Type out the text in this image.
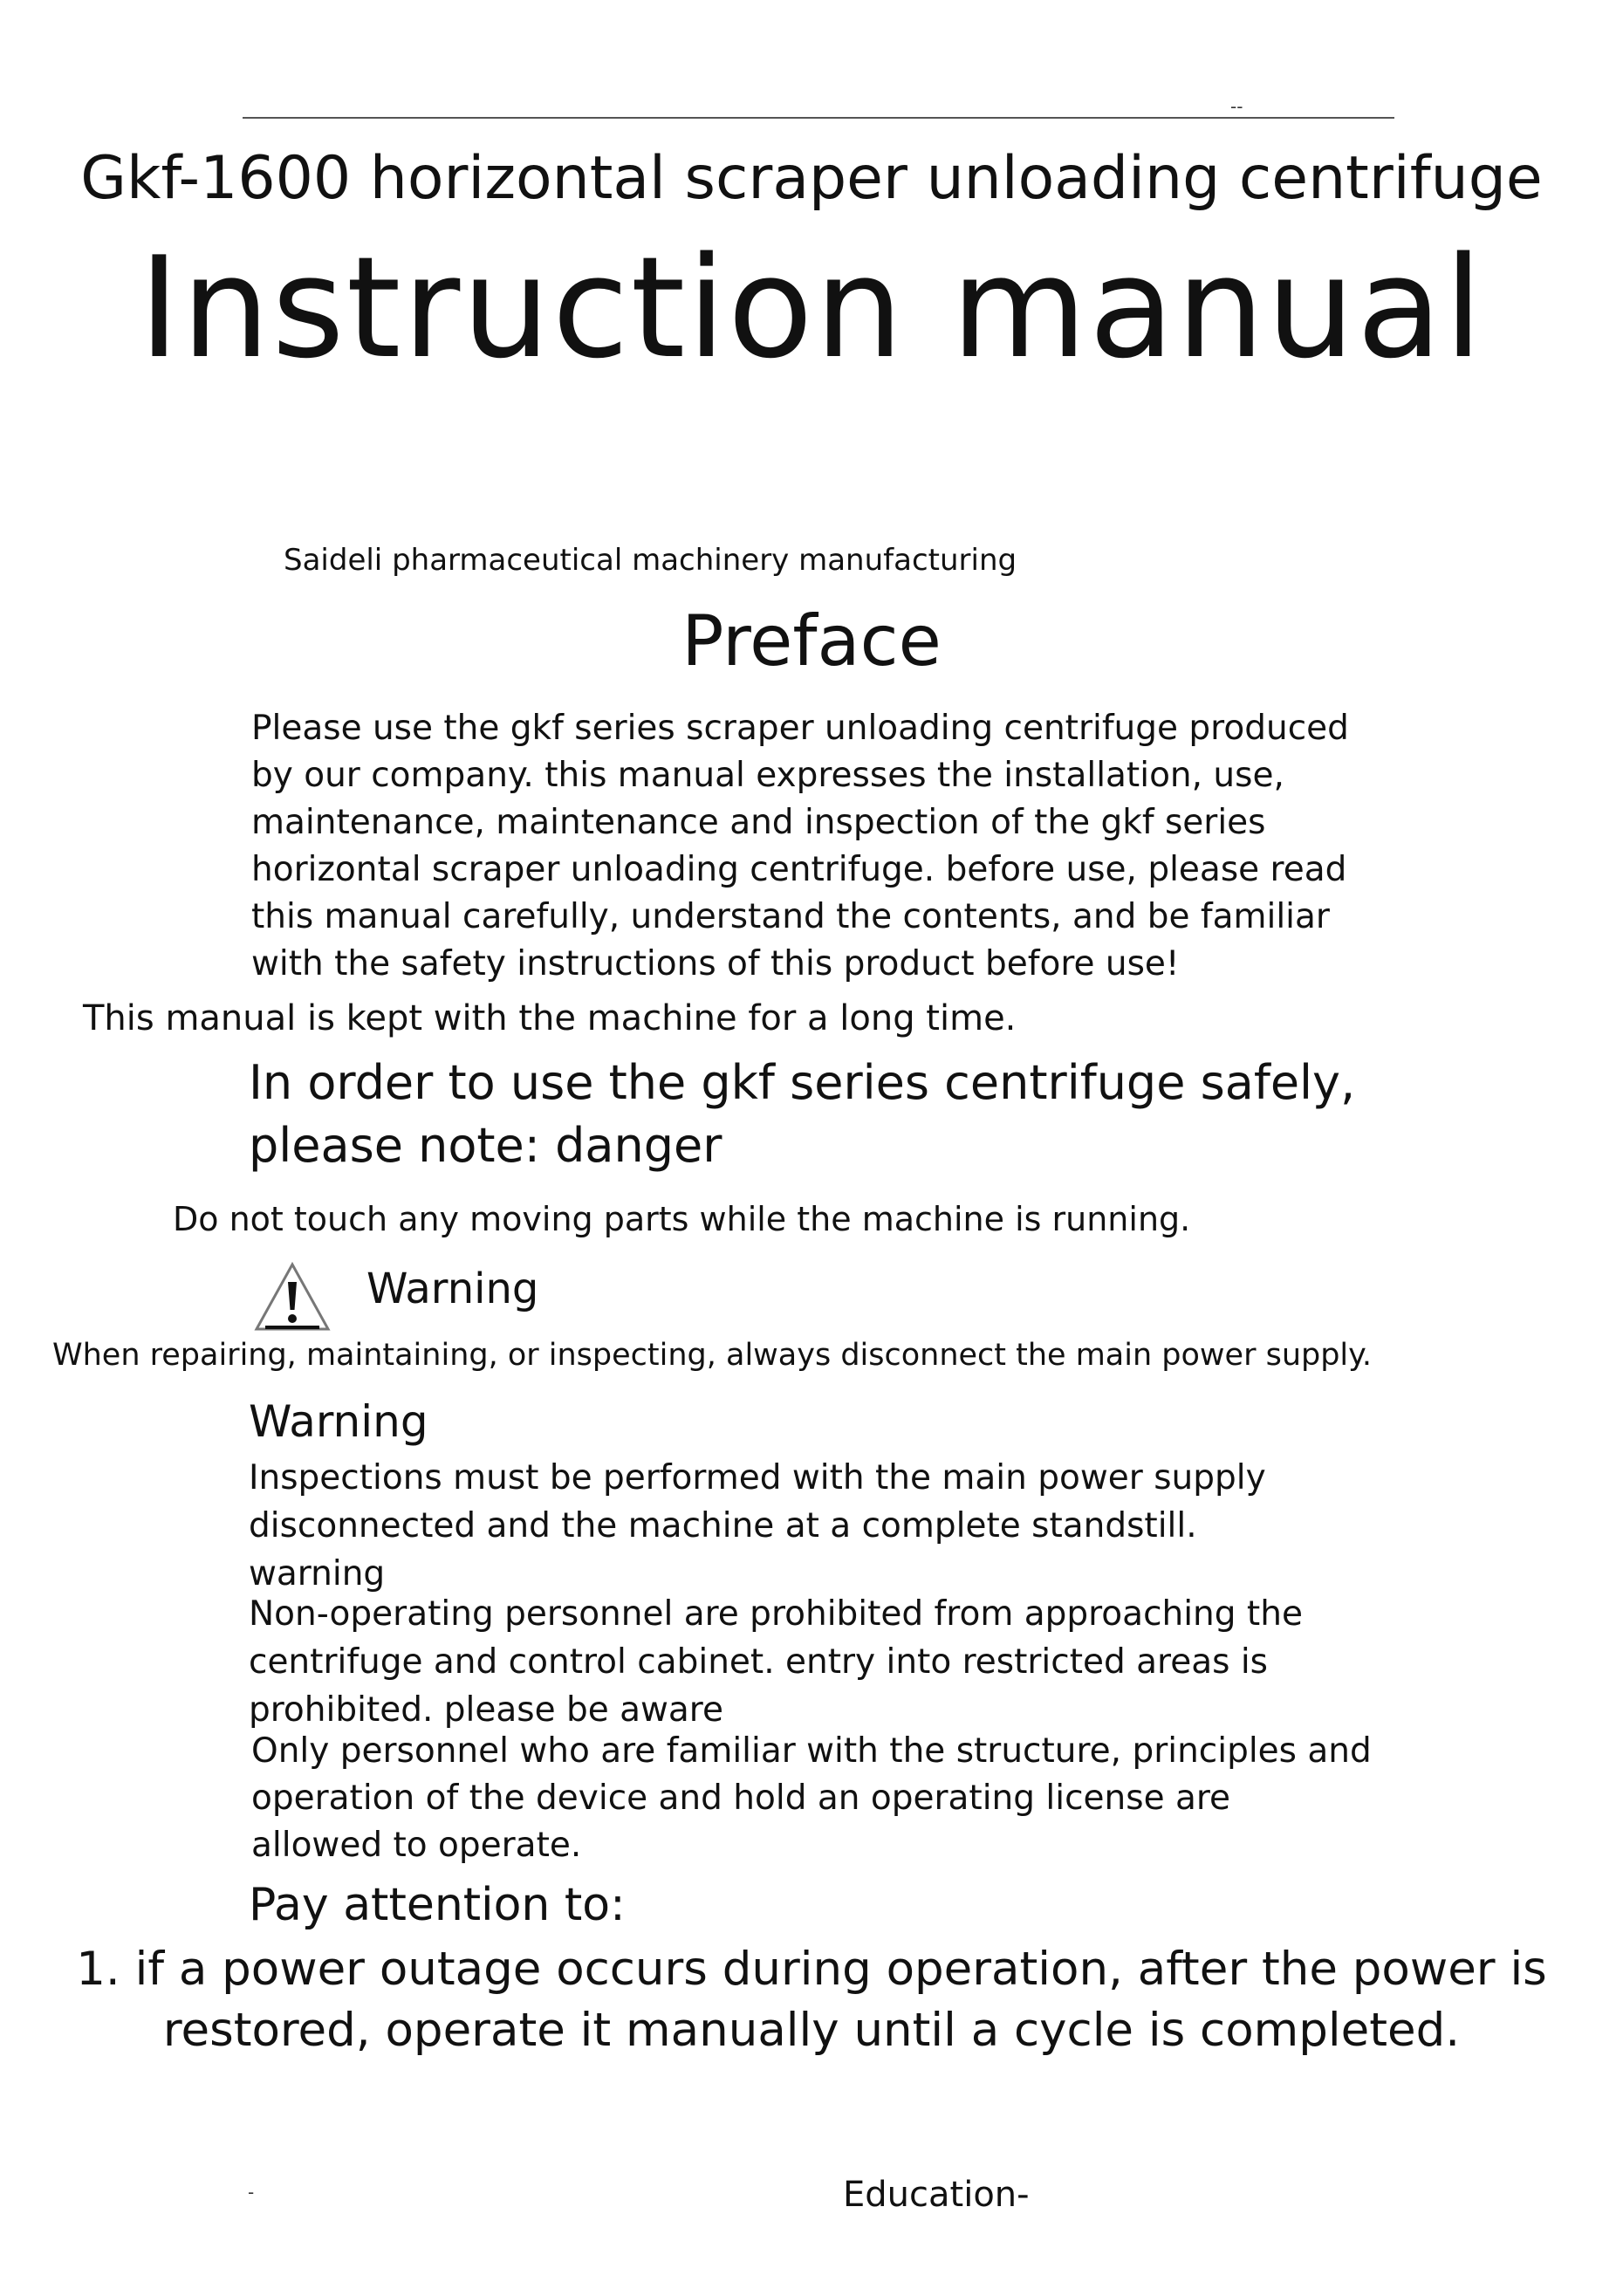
--
Gkf-1600 horizontal scraper unloading centrifuge
Instruction manual
Saideli pharmaceutical machinery manufacturing
Preface
Please use the gkf series scraper unloading centrifuge produced
by our company. this manual expresses the installation, use,
maintenance, maintenance and inspection of the gkf series
horizontal scraper unloading centrifuge. before use, please read
this manual carefully, understand the contents, and be familiar
with the safety instructions of this product before use!
This manual is kept with the machine for a long time.
In order to use the gkf series centrifuge safely,
please note: danger
Do not touch any moving parts while the machine is running.
Warning
When repairing, maintaining, or inspecting, always disconnect the main power supply.
Warning
Inspections must be performed with the main power supply
disconnected and the machine at a complete standstill.
warning
Non-operating personnel are prohibited from approaching the
centrifuge and control cabinet. entry into restricted areas is
prohibited. please be aware
Only personnel who are familiar with the structure, principles and
operation of the device and hold an operating license are
allowed to operate.
Pay attention to:
1. if a power outage occurs during operation, after the power is
restored, operate it manually until a cycle is completed.
-	Education-
